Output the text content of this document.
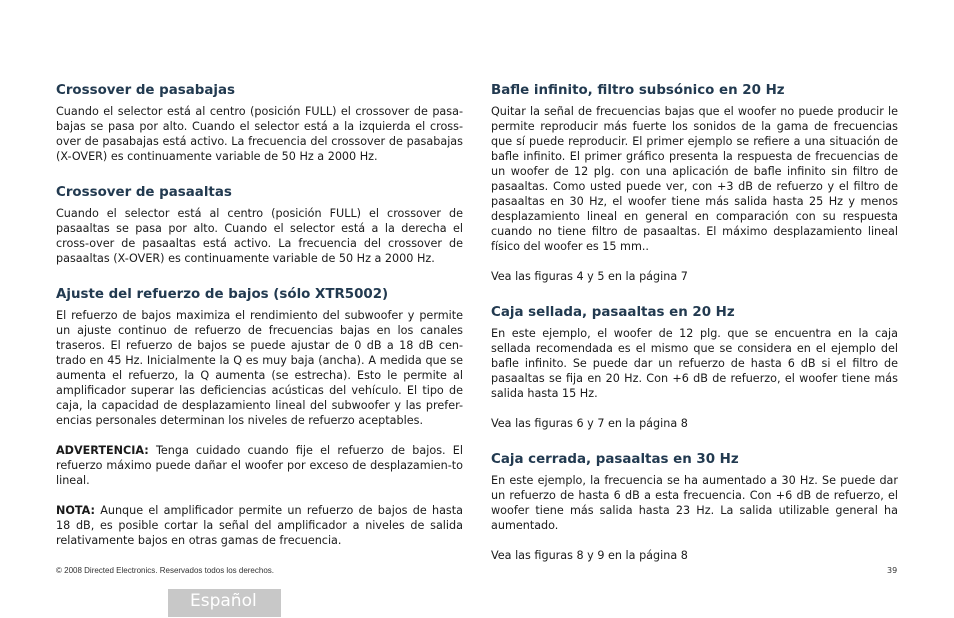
Crossover de pasabajas

Cuando el selector está al centro (posición FULL) el crossover de pasa-bajas se pasa por alto. Cuando el selector está a la izquierda el cross-over de pasabajas está activo. La frecuencia del crossover de pasabajas (X-OVER) es continuamente variable de 50 Hz a 2000 Hz.

Crossover de pasaaltas

Cuando el selector está al centro (posición FULL) el crossover de pasaaltas se pasa por alto. Cuando el selector está a la derecha el cross-over de pasaaltas está activo. La frecuencia del crossover de pasaaltas (X-OVER) es continuamente variable de 50 Hz a 2000 Hz.

Ajuste del refuerzo de bajos (sólo XTR5002)

El refuerzo de bajos maximiza el rendimiento del subwoofer y permite un ajuste continuo de refuerzo de frecuencias bajas en los canales traseros. El refuerzo de bajos se puede ajustar de 0 dB a 18 dB cen-trado en 45 Hz. Inicialmente la Q es muy baja (ancha). A medida que se aumenta el refuerzo, la Q aumenta (se estrecha). Esto le permite al amplificador superar las deficiencias acústicas del vehículo. El tipo de caja, la capacidad de desplazamiento lineal del subwoofer y las prefer-encias personales determinan los niveles de refuerzo aceptables.

ADVERTENCIA: Tenga cuidado cuando fije el refuerzo de bajos. El refuerzo máximo puede dañar el woofer por exceso de desplazamien-to lineal.

NOTA: Aunque el amplificador permite un refuerzo de bajos de hasta 18 dB, es posible cortar la señal del amplificador a niveles de salida relativamente bajos en otras gamas de frecuencia.

Bafle infinito, filtro subsónico en 20 Hz

Quitar la señal de frecuencias bajas que el woofer no puede producir le permite reproducir más fuerte los sonidos de la gama de frecuencias que sí puede reproducir. El primer ejemplo se refiere a una situación de bafle infinito. El primer gráfico presenta la respuesta de frecuencias de un woofer de 12 plg. con una aplicación de bafle infinito sin filtro de pasaaltas. Como usted puede ver, con +3 dB de refuerzo y el filtro de pasaaltas en 30 Hz, el woofer tiene más salida hasta 25 Hz y menos desplazamiento lineal en general en comparación con su respuesta cuando no tiene filtro de pasaaltas. El máximo desplazamiento lineal físico del woofer es 15 mm..

Vea las figuras 4 y 5 en la página 7

Caja sellada, pasaaltas en 20 Hz

En este ejemplo, el woofer de 12 plg. que se encuentra en la caja sellada recomendada es el mismo que se considera en el ejemplo del bafle infinito. Se puede dar un refuerzo de hasta 6 dB si el filtro de pasaaltas se fija en 20 Hz. Con +6 dB de refuerzo, el woofer tiene más salida hasta 15 Hz.

Vea las figuras 6 y 7 en la página 8

Caja cerrada, pasaaltas en 30 Hz

En este ejemplo, la frecuencia se ha aumentado a 30 Hz. Se puede dar un refuerzo de hasta 6 dB a esta frecuencia. Con +6 dB de refuerzo, el woofer tiene más salida hasta 23 Hz. La salida utilizable general ha aumentado.

Vea las figuras 8 y 9 en la página 8

© 2008 Directed Electronics. Reservados todos los derechos.	39
Español
